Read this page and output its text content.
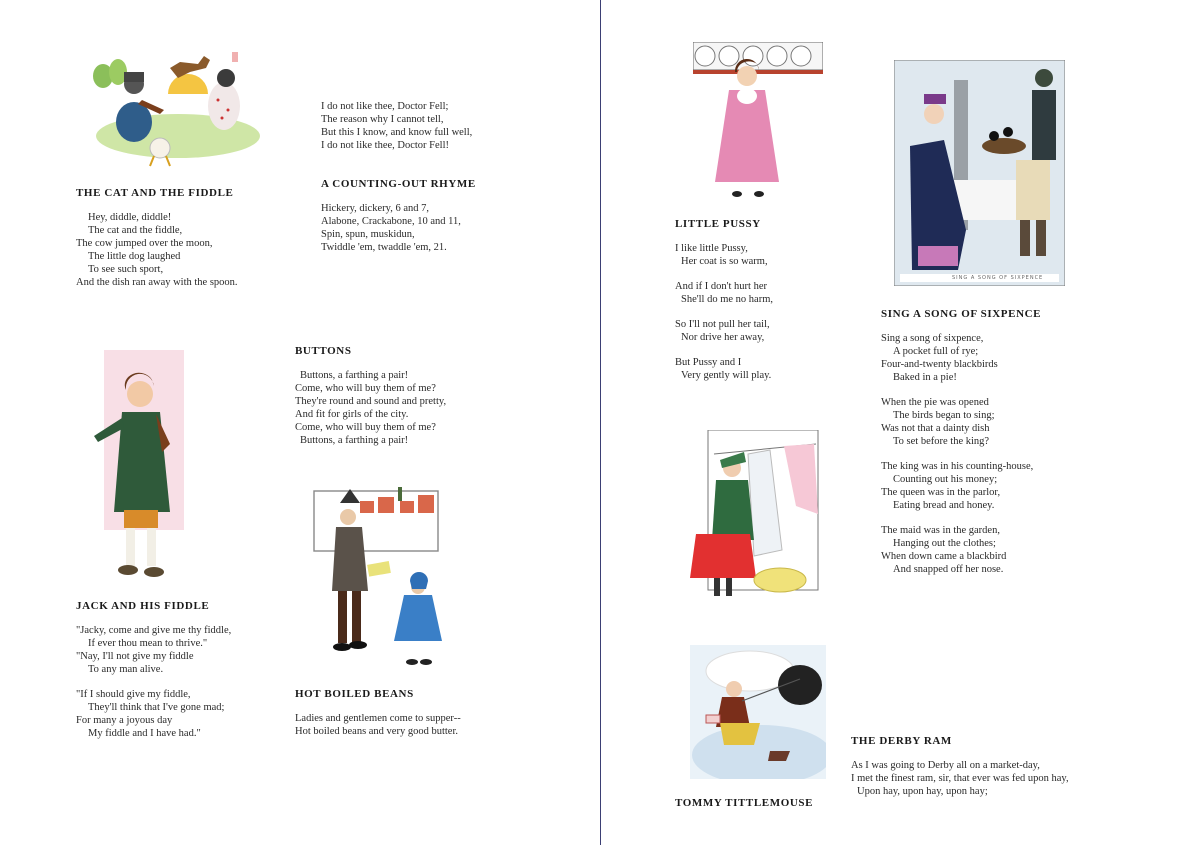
I do not like thee, Doctor Fell;
The reason why I cannot tell,
But this I know, and know full well,
I do not like thee, Doctor Fell!
THE CAT AND THE FIDDLE
Hey, diddle, diddle!
The cat and the fiddle,
The cow jumped over the moon,
The little dog laughed
To see such sport,
And the dish ran away with the spoon.
A COUNTING-OUT RHYME
Hickery, dickery, 6 and 7,
Alabone, Crackabone, 10 and 11,
Spin, spun, muskidun,
Twiddle 'em, twaddle 'em, 21.
BUTTONS
Buttons, a farthing a pair!
Come, who will buy them of me?
They're round and sound and pretty,
And fit for girls of the city.
Come, who will buy them of me?
Buttons, a farthing a pair!
JACK AND HIS FIDDLE
"Jacky, come and give me thy fiddle,
If ever thou mean to thrive."
"Nay, I'll not give my fiddle
To any man alive.
"If I should give my fiddle,
They'll think that I've gone mad;
For many a joyous day
My fiddle and I have had."
HOT BOILED BEANS
Ladies and gentlemen come to supper--
Hot boiled beans and very good butter.
SING A SONG OF SIXPENCE
LITTLE PUSSY
I like little Pussy,
Her coat is so warm,
And if I don't hurt her
She'll do me no harm,
So I'll not pull her tail,
Nor drive her away,
But Pussy and I
Very gently will play.
SING A SONG OF SIXPENCE
Sing a song of sixpence,
A pocket full of rye;
Four-and-twenty blackbirds
Baked in a pie!
When the pie was opened
The birds began to sing;
Was not that a dainty dish
To set before the king?
The king was in his counting-house,
Counting out his money;
The queen was in the parlor,
Eating bread and honey.
The maid was in the garden,
Hanging out the clothes;
When down came a blackbird
And snapped off her nose.
THE DERBY RAM
As I was going to Derby all on a market-day,
I met the finest ram, sir, that ever was fed upon hay,
Upon hay, upon hay, upon hay;
TOMMY TITTLEMOUSE
